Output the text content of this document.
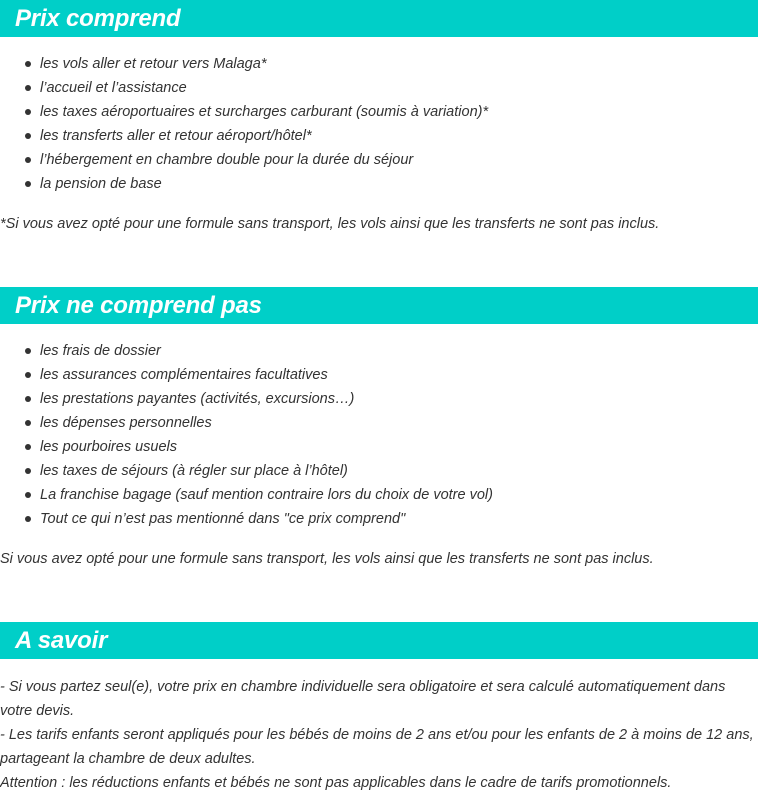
Prix comprend
les vols aller et retour vers Malaga*
l’accueil et l’assistance
les taxes aéroportuaires et surcharges carburant (soumis à variation)*
les transferts aller et retour aéroport/hôtel*
l’hébergement en chambre double pour la durée du séjour
la pension de base

*Si vous avez opté pour une formule sans transport, les vols ainsi que les transferts ne sont pas inclus.

Prix ne comprend pas
les frais de dossier
les assurances complémentaires facultatives
les prestations payantes (activités, excursions…)
les dépenses personnelles
les pourboires usuels
les taxes de séjours (à régler sur place à l’hôtel)
La franchise bagage (sauf mention contraire lors du choix de votre vol)
Tout ce qui n’est pas mentionné dans "ce prix comprend"

Si vous avez opté pour une formule sans transport, les vols ainsi que les transferts ne sont pas inclus.

A savoir

- Si vous partez seul(e), votre prix en chambre individuelle sera obligatoire et sera calculé automatiquement dans votre devis.

- Les tarifs enfants seront appliqués pour les bébés de moins de 2 ans et/ou pour les enfants de 2 à moins de 12 ans, partageant la chambre de deux adultes.

Attention : les réductions enfants et bébés ne sont pas applicables dans le cadre de tarifs promotionnels.
